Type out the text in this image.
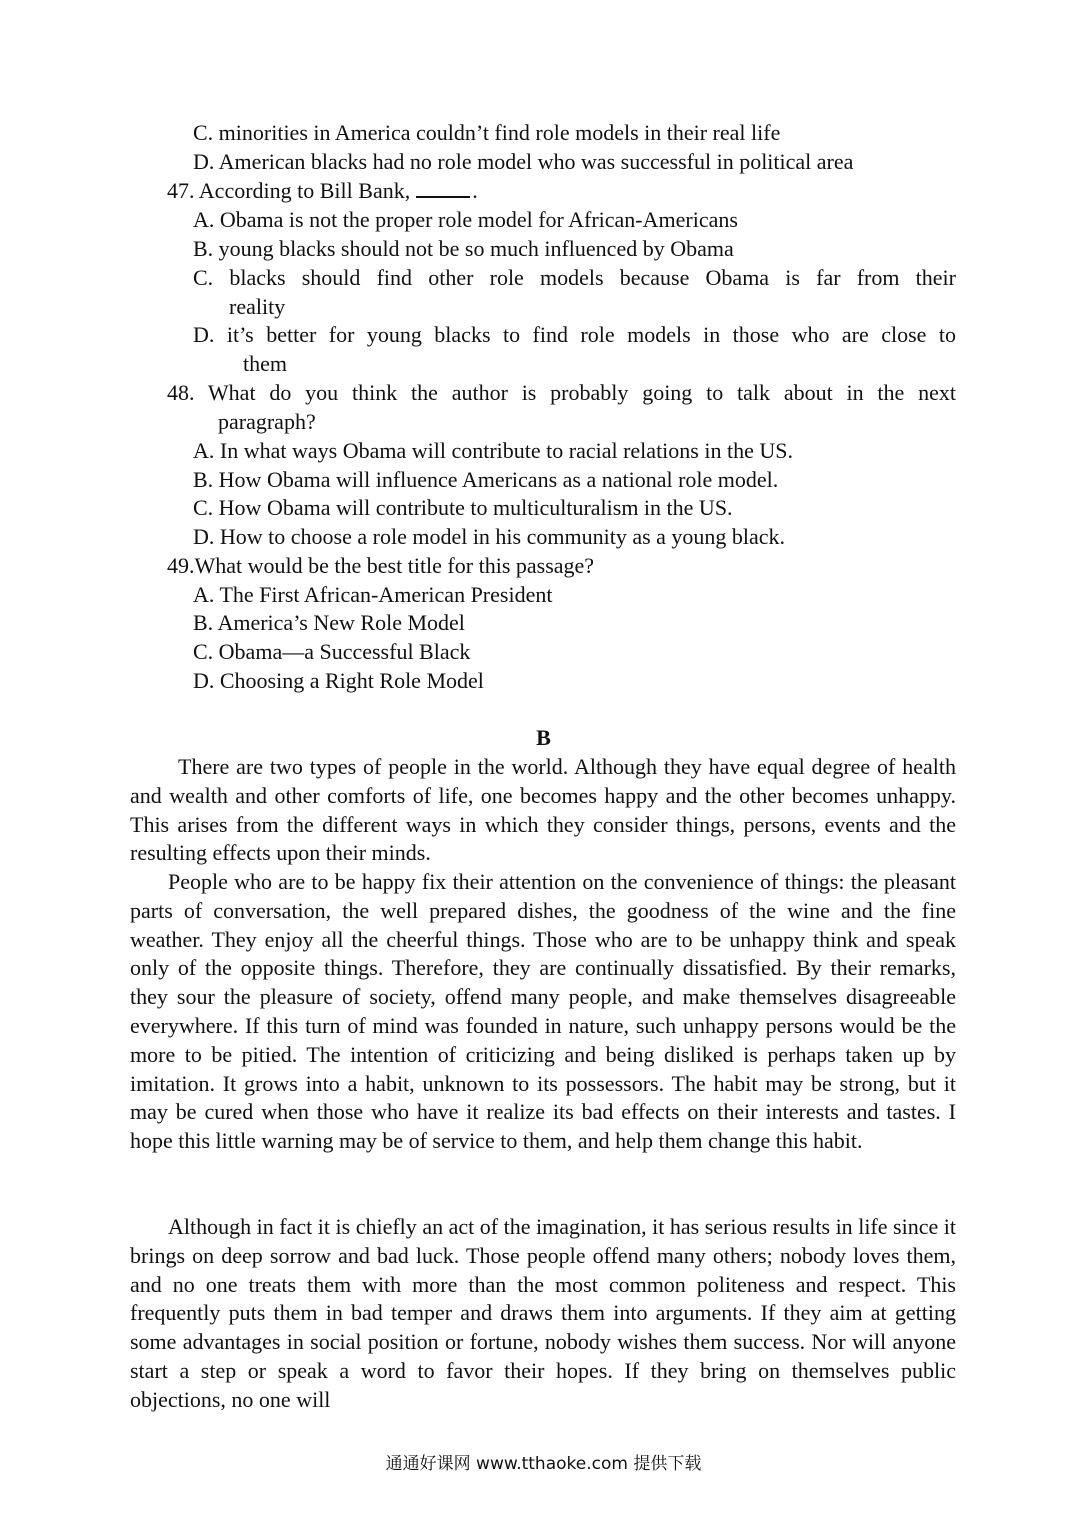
C. minorities in America couldn’t find role models in their real life
D. American blacks had no role model who was successful in political area
47. According to Bill Bank,	.
A. Obama is not the proper role model for African-Americans
B. young blacks should not be so much influenced by Obama
C. blacks should find other role models because Obama is far from their
reality
D. it’s better for young blacks to find role models in those who are close to
them
48. What do you think the author is probably going to talk about in the next
paragraph?
A. In what ways Obama will contribute to racial relations in the US.
B. How Obama will influence Americans as a national role model.
C. How Obama will contribute to multiculturalism in the US.
D. How to choose a role model in his community as a young black.
49.What would be the best title for this passage?
A. The First African-American President
B. America’s New Role Model
C. Obama—a Successful Black
D. Choosing a Right Role Model
B
There are two types of people in the world. Although they have equal degree of health and wealth and other comforts of life, one becomes happy and the other becomes unhappy. This arises from the different ways in which they consider things, persons, events and the resulting effects upon their minds.
People who are to be happy fix their attention on the convenience of things: the pleasant parts of conversation, the well prepared dishes, the goodness of the wine and the fine weather. They enjoy all the cheerful things. Those who are to be unhappy think and speak only of the opposite things. Therefore, they are continually dissatisfied. By their remarks, they sour the pleasure of society, offend many people, and make themselves disagreeable everywhere. If this turn of mind was founded in nature, such unhappy persons would be the more to be pitied. The intention of criticizing and being disliked is perhaps taken up by imitation. It grows into a habit, unknown to its possessors. The habit may be strong, but it may be cured when those who have it realize its bad effects on their interests and tastes. I hope this little warning may be of service to them, and help them change this habit.
Although in fact it is chiefly an act of the imagination, it has serious results in life since it brings on deep sorrow and bad luck. Those people offend many others; nobody loves them, and no one treats them with more than the most common politeness and respect. This frequently puts them in bad temper and draws them into arguments. If they aim at getting some advantages in social position or fortune, nobody wishes them success. Nor will anyone start a step or speak a word to favor their hopes. If they bring on themselves public objections, no one will
通通好课网 www.tthaoke.com 提供下载
